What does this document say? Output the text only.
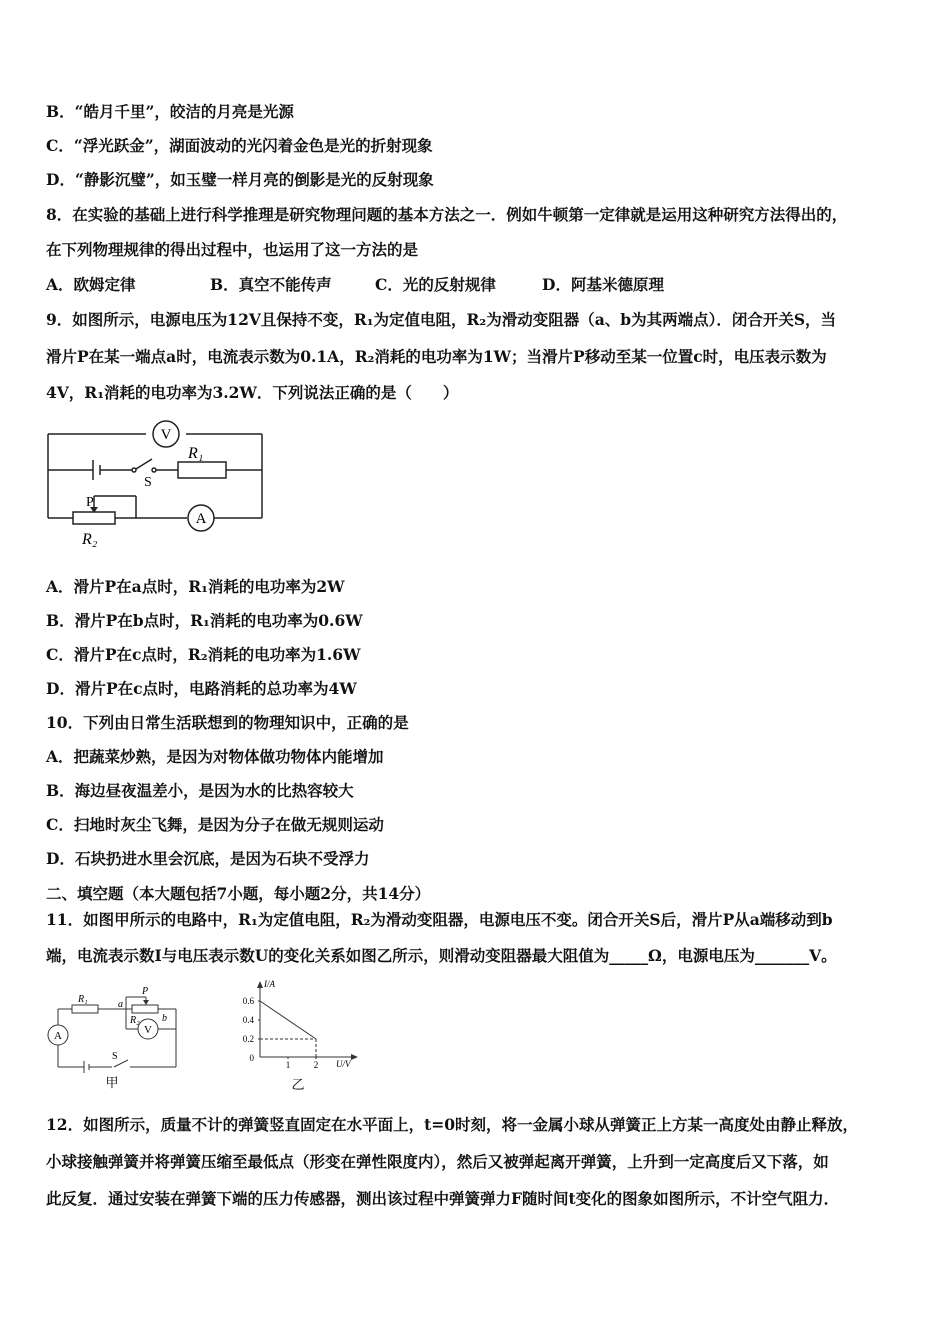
B．“皓月千里”，皎洁的月亮是光源
C．“浮光跃金”，湖面波动的光闪着金色是光的折射现象
D．“静影沉璧”，如玉璧一样月亮的倒影是光的反射现象
8．在实验的基础上进行科学推理是研究物理问题的基本方法之一．例如牛顿第一定律就是运用这种研究方法得出的，
在下列物理规律的得出过程中，也运用了这一方法的是
A．欧姆定律	B．真空不能传声	C．光的反射规律	D．阿基米德原理
9．如图所示，电源电压为12V且保持不变，R₁为定值电阻，R₂为滑动变阻器（a、b为其两端点）．闭合开关S，当
滑片P在某一端点a时，电流表示数为0.1A，R₂消耗的电功率为1W；当滑片P移动至某一位置c时，电压表示数为
4V，R₁消耗的电功率为3.2W．下列说法正确的是（　　）
V
R₁
S
P
A
R₂
A．滑片P在a点时，R₁消耗的电功率为2W
B．滑片P在b点时，R₁消耗的电功率为0.6W
C．滑片P在c点时，R₂消耗的电功率为1.6W
D．滑片P在c点时，电路消耗的总功率为4W
10．下列由日常生活联想到的物理知识中，正确的是
A．把蔬菜炒熟，是因为对物体做功物体内能增加
B．海边昼夜温差小，是因为水的比热容较大
C．扫地时灰尘飞舞，是因为分子在做无规则运动
D．石块扔进水里会沉底，是因为石块不受浮力
二、填空题（本大题包括7小题，每小题2分，共14分）
11．如图甲所示的电路中，R₁为定值电阻，R₂为滑动变阻器，电源电压不变。闭合开关S后，滑片P从a端移动到b
端，电流表示数I与电压表示数U的变化关系如图乙所示，则滑动变阻器最大阻值为_____Ω，电源电压为_______V。
R₁	a
P
b
R₂
A	V
S
甲
I/A
0.6
0.4
0.2
0
1	2 U/V
乙
12．如图所示，质量不计的弹簧竖直固定在水平面上，t=0时刻，将一金属小球从弹簧正上方某一高度处由静止释放，
小球接触弹簧并将弹簧压缩至最低点（形变在弹性限度内），然后又被弹起离开弹簧，上升到一定高度后又下落，如
此反复．通过安装在弹簧下端的压力传感器，测出该过程中弹簧弹力F随时间t变化的图象如图所示，不计空气阻力．
